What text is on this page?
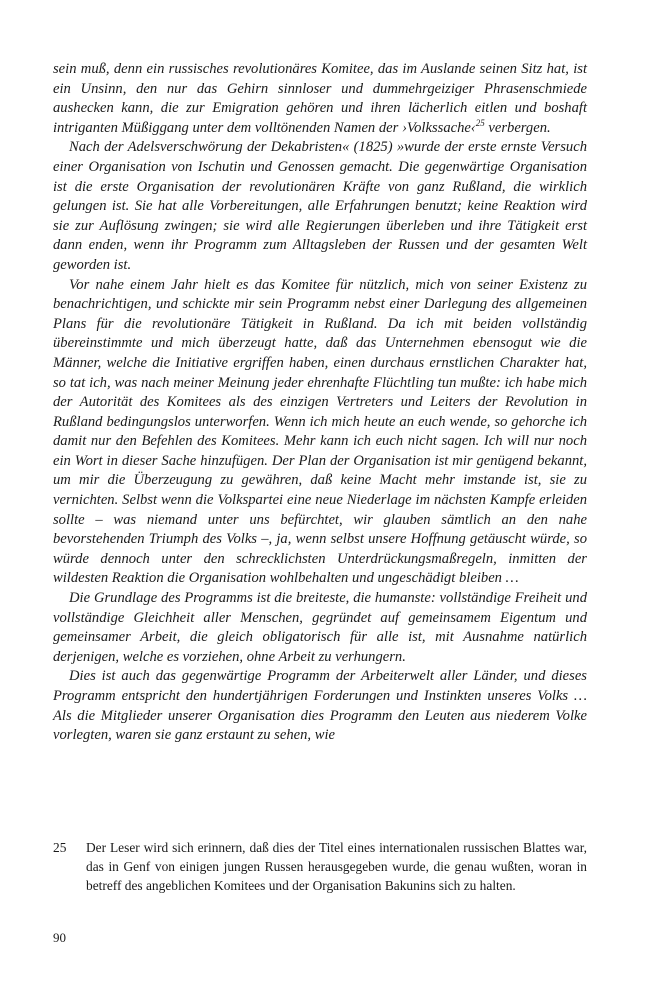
sein muß, denn ein russisches revolutionäres Komitee, das im Auslande seinen Sitz hat, ist ein Unsinn, den nur das Gehirn sinnloser und dummehrgeiziger Phrasenschmiede aushecken kann, die zur Emigration gehören und ihren lächerlich eitlen und boshaft intriganten Müßiggang unter dem volltönenden Namen der ›Volkssache‹$^{25}$ verbergen.

Nach der Adelsverschwörung der Dekabristen« (1825) »wurde der erste ernste Versuch einer Organisation von Ischutin und Genossen gemacht. Die gegenwärtige Organisation ist die erste Organisation der revolutionären Kräfte von ganz Rußland, die wirklich gelungen ist. Sie hat alle Vorbereitungen, alle Erfahrungen benutzt; keine Reaktion wird sie zur Auflösung zwingen; sie wird alle Regierungen überleben und ihre Tätigkeit erst dann enden, wenn ihr Programm zum Alltagsleben der Russen und der gesamten Welt geworden ist.

Vor nahe einem Jahr hielt es das Komitee für nützlich, mich von seiner Existenz zu benachrichtigen, und schickte mir sein Programm nebst einer Darlegung des allgemeinen Plans für die revolutionäre Tätigkeit in Rußland. Da ich mit beiden vollständig übereinstimmte und mich überzeugt hatte, daß das Unternehmen ebensogut wie die Männer, welche die Initiative ergriffen haben, einen durchaus ernstlichen Charakter hat, so tat ich, was nach meiner Meinung jeder ehrenhafte Flüchtling tun mußte: ich habe mich der Autorität des Komitees als des einzigen Vertreters und Leiters der Revolution in Rußland bedingungslos unterworfen. Wenn ich mich heute an euch wende, so gehorche ich damit nur den Befehlen des Komitees. Mehr kann ich euch nicht sagen. Ich will nur noch ein Wort in dieser Sache hinzufügen. Der Plan der Organisation ist mir genügend bekannt, um mir die Überzeugung zu gewähren, daß keine Macht mehr imstande ist, sie zu vernichten. Selbst wenn die Volkspartei eine neue Niederlage im nächsten Kampfe erleiden sollte – was niemand unter uns befürchtet, wir glauben sämtlich an den nahe bevorstehenden Triumph des Volks –, ja, wenn selbst unsere Hoffnung getäuscht würde, so würde dennoch unter den schrecklichsten Unterdrückungsmaßregeln, inmitten der wildesten Reaktion die Organisation wohlbehalten und ungeschädigt bleiben …

Die Grundlage des Programms ist die breiteste, die humanste: vollständige Freiheit und vollständige Gleichheit aller Menschen, gegründet auf gemeinsamem Eigentum und gemeinsamer Arbeit, die gleich obligatorisch für alle ist, mit Ausnahme natürlich derjenigen, welche es vorziehen, ohne Arbeit zu verhungern.

Dies ist auch das gegenwärtige Programm der Arbeiterwelt aller Länder, und dieses Programm entspricht den hundertjährigen Forderungen und Instinkten unseres Volks … Als die Mitglieder unserer Organisation dies Programm den Leuten aus niederem Volke vorlegten, waren sie ganz erstaunt zu sehen, wie

25 Der Leser wird sich erinnern, daß dies der Titel eines internationalen russischen Blattes war, das in Genf von einigen jungen Russen herausgegeben wurde, die genau wußten, woran in betreff des angeblichen Komitees und der Organisation Bakunins sich zu halten.
90
